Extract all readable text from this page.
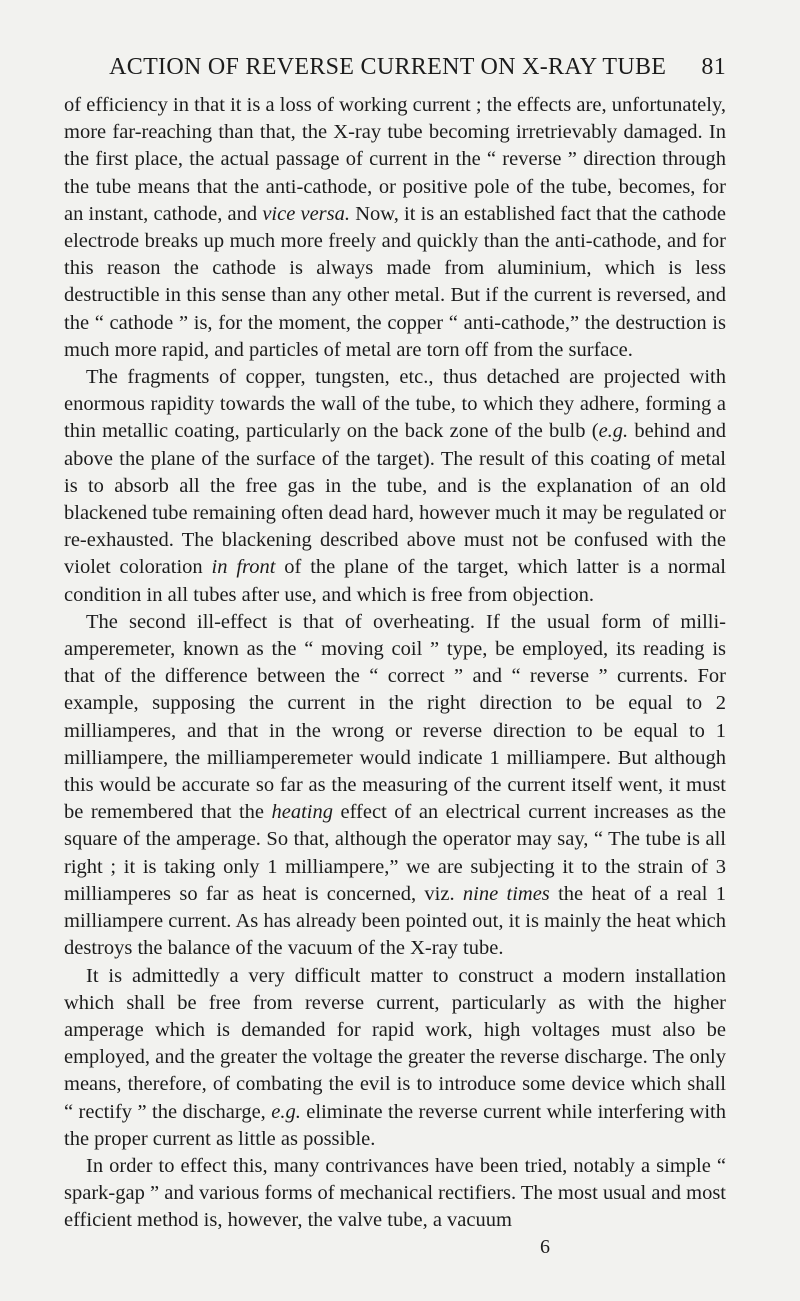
ACTION OF REVERSE CURRENT ON X-RAY TUBE	81

of efficiency in that it is a loss of working current ; the effects are, unfortunately, more far-reaching than that, the X-ray tube becoming irretrievably damaged. In the first place, the actual passage of current in the “ reverse ” direction through the tube means that the anti-cathode, or positive pole of the tube, becomes, for an instant, cathode, and vice versa. Now, it is an established fact that the cathode electrode breaks up much more freely and quickly than the anti-cathode, and for this reason the cathode is always made from aluminium, which is less destructible in this sense than any other metal. But if the current is reversed, and the “ cathode ” is, for the moment, the copper “ anti-cathode,” the destruction is much more rapid, and particles of metal are torn off from the surface.

The fragments of copper, tungsten, etc., thus detached are projected with enormous rapidity towards the wall of the tube, to which they adhere, forming a thin metallic coating, particularly on the back zone of the bulb (e.g. behind and above the plane of the surface of the target). The result of this coating of metal is to absorb all the free gas in the tube, and is the explanation of an old blackened tube remaining often dead hard, however much it may be regulated or re-exhausted. The blackening described above must not be confused with the violet coloration in front of the plane of the target, which latter is a normal condition in all tubes after use, and which is free from objection.

The second ill-effect is that of overheating. If the usual form of milliamperemeter, known as the “ moving coil ” type, be employed, its reading is that of the difference between the “ correct ” and “ reverse ” currents. For example, supposing the current in the right direction to be equal to 2 milliamperes, and that in the wrong or reverse direction to be equal to 1 milliampere, the milliamperemeter would indicate 1 milliampere. But although this would be accurate so far as the measuring of the current itself went, it must be remembered that the heating effect of an electrical current increases as the square of the amperage. So that, although the operator may say, “ The tube is all right ; it is taking only 1 milliampere,” we are subjecting it to the strain of 3 milliamperes so far as heat is concerned, viz. nine times the heat of a real 1 milliampere current. As has already been pointed out, it is mainly the heat which destroys the balance of the vacuum of the X-ray tube.

It is admittedly a very difficult matter to construct a modern installation which shall be free from reverse current, particularly as with the higher amperage which is demanded for rapid work, high voltages must also be employed, and the greater the voltage the greater the reverse discharge. The only means, therefore, of combating the evil is to introduce some device which shall “ rectify ” the discharge, e.g. eliminate the reverse current while interfering with the proper current as little as possible.

In order to effect this, many contrivances have been tried, notably a simple “ spark-gap ” and various forms of mechanical rectifiers. The most usual and most efficient method is, however, the valve tube, a vacuum

6
